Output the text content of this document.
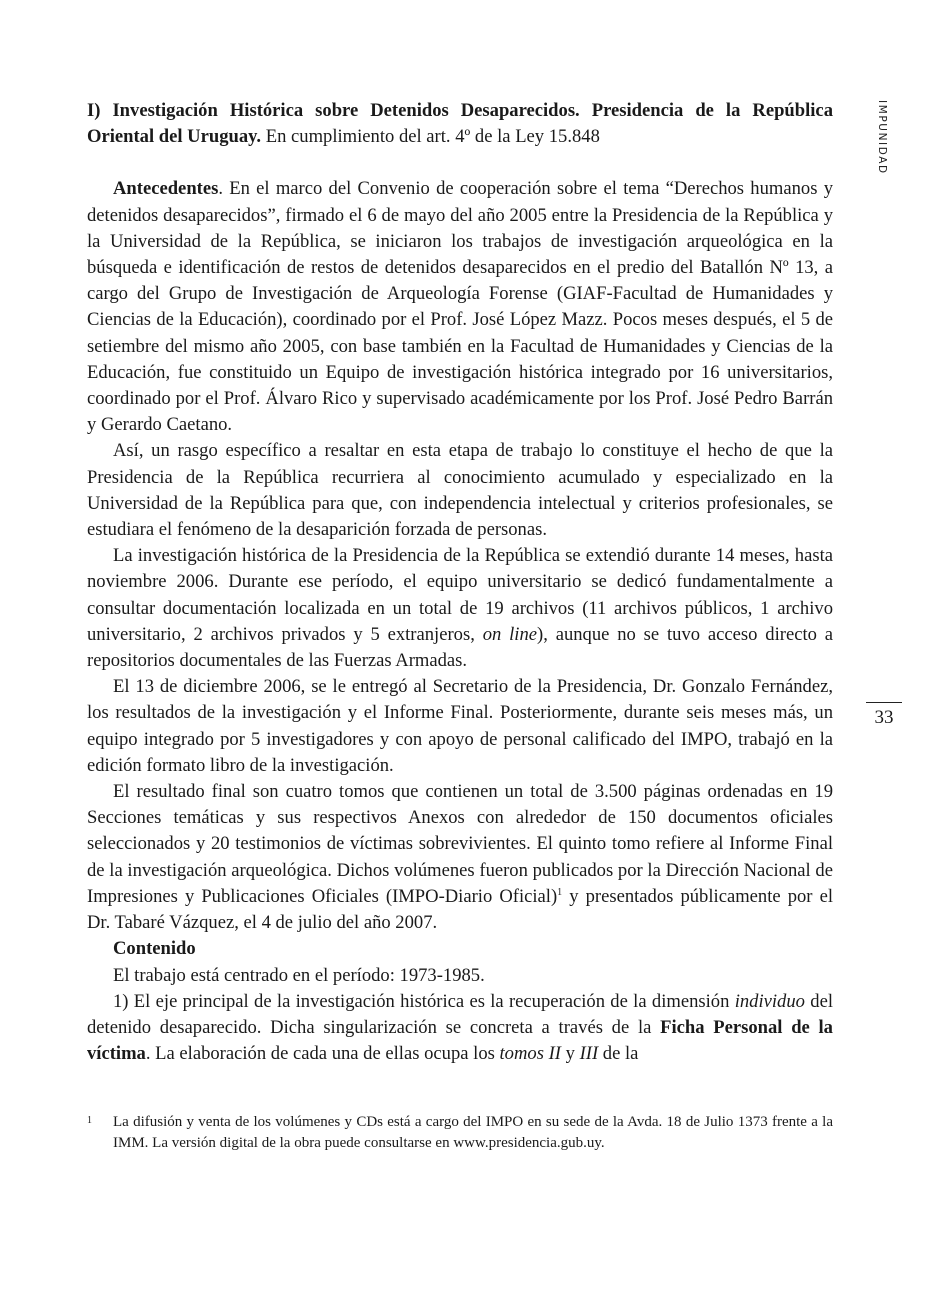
IMPUNIDAD
33

I) Investigación Histórica sobre Detenidos Desaparecidos. Presidencia de la República Oriental del Uruguay. En cumplimiento del art. 4º de la Ley 15.848

Antecedentes. En el marco del Convenio de cooperación sobre el tema “Derechos humanos y detenidos desaparecidos”, firmado el 6 de mayo del año 2005 entre la Presidencia de la República y la Universidad de la República, se iniciaron los trabajos de investigación arqueológica en la búsqueda e identificación de restos de detenidos desaparecidos en el predio del Batallón Nº 13, a cargo del Grupo de Investigación de Arqueología Forense (GIAF-Facultad de Humanidades y Ciencias de la Educación), coordinado por el Prof. José López Mazz. Pocos meses después, el 5 de setiembre del mismo año 2005, con base también en la Facultad de Humanidades y Ciencias de la Educación, fue constituido un Equipo de investigación histórica integrado por 16 universitarios, coordinado por el Prof. Álvaro Rico y supervisado académicamente por los Prof. José Pedro Barrán y Gerardo Caetano.

Así, un rasgo específico a resaltar en esta etapa de trabajo lo constituye el hecho de que la Presidencia de la República recurriera al conocimiento acumulado y especializado en la Universidad de la República para que, con independencia intelectual y criterios profesionales, se estudiara el fenómeno de la desaparición forzada de personas.

La investigación histórica de la Presidencia de la República se extendió durante 14 meses, hasta noviembre 2006. Durante ese período, el equipo universitario se dedicó fundamentalmente a consultar documentación localizada en un total de 19 archivos (11 archivos públicos, 1 archivo universitario, 2 archivos privados y 5 extranjeros, on line), aunque no se tuvo acceso directo a repositorios documentales de las Fuerzas Armadas.

El 13 de diciembre 2006, se le entregó al Secretario de la Presidencia, Dr. Gonzalo Fernández, los resultados de la investigación y el Informe Final. Posteriormente, durante seis meses más, un equipo integrado por 5 investigadores y con apoyo de personal calificado del IMPO, trabajó en la edición formato libro de la investigación.

El resultado final son cuatro tomos que contienen un total de 3.500 páginas ordenadas en 19 Secciones temáticas y sus respectivos Anexos con alrededor de 150 documentos oficiales seleccionados y 20 testimonios de víctimas sobrevivientes. El quinto tomo refiere al Informe Final de la investigación arqueológica. Dichos volúmenes fueron publicados por la Dirección Nacional de Impresiones y Publicaciones Oficiales (IMPO-Diario Oficial)$^1$ y presentados públicamente por el Dr. Tabaré Vázquez, el 4 de julio del año 2007.

Contenido

El trabajo está centrado en el período: 1973-1985.

1) El eje principal de la investigación histórica es la recuperación de la dimensión individuo del detenido desaparecido. Dicha singularización se concreta a través de la Ficha Personal de la víctima. La elaboración de cada una de ellas ocupa los tomos II y III de la

1 La difusión y venta de los volúmenes y CDs está a cargo del IMPO en su sede de la Avda. 18 de Julio 1373 frente a la IMM. La versión digital de la obra puede consultarse en www.presidencia.gub.uy.
